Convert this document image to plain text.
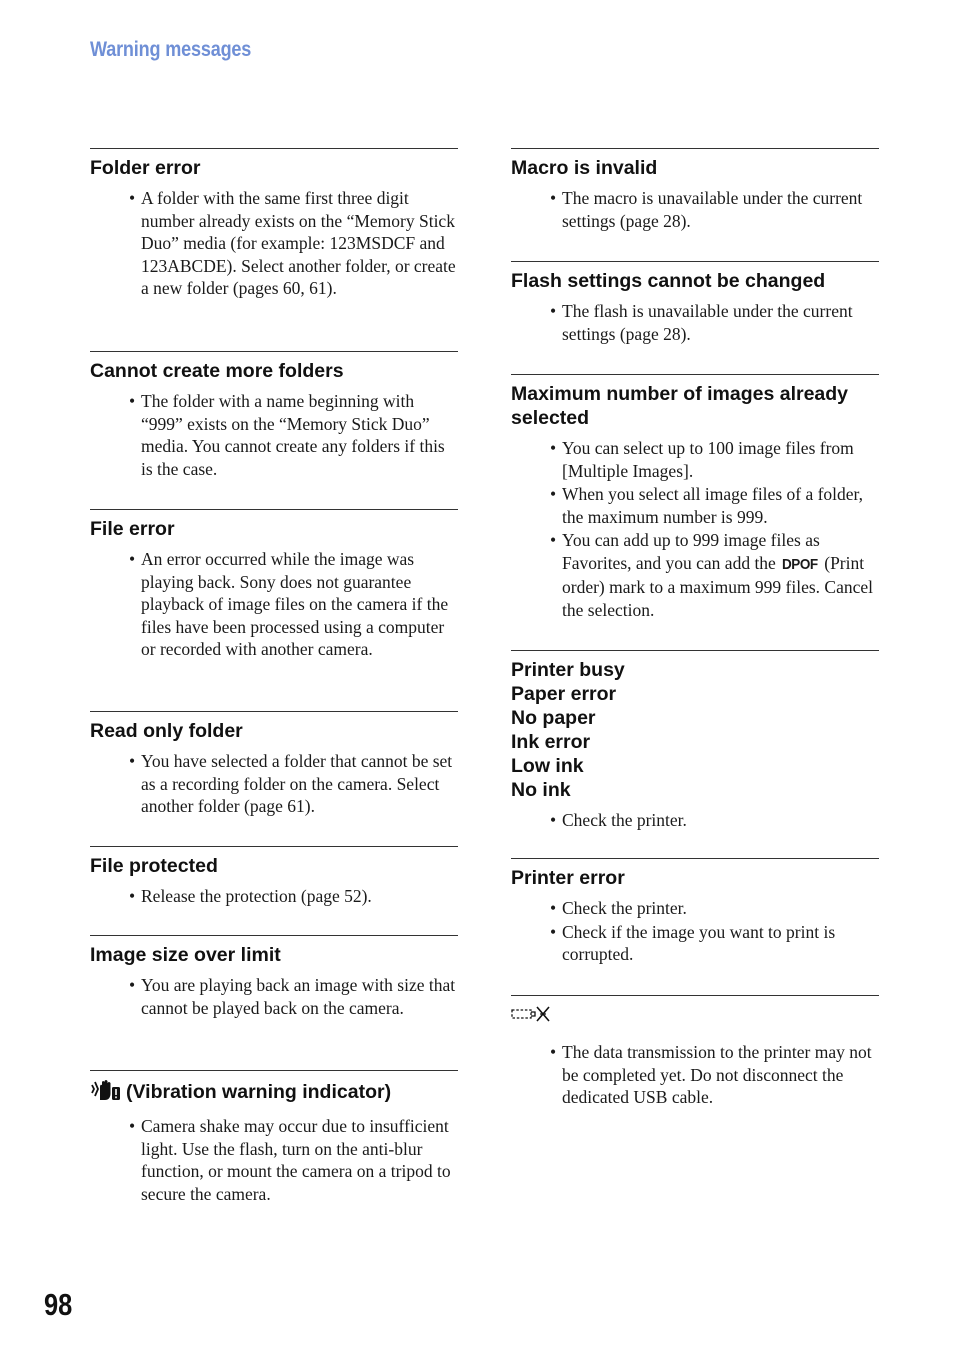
Warning messages
Folder error
• A folder with the same first three digit number already exists on the “Memory Stick Duo” media (for example: 123MSDCF and 123ABCDE). Select another folder, or create a new folder (pages 60, 61).
Cannot create more folders
• The folder with a name beginning with “999” exists on the “Memory Stick Duo” media. You cannot create any folders if this is the case.
File error
• An error occurred while the image was playing back. Sony does not guarantee playback of image files on the camera if the files have been processed using a computer or recorded with another camera.
Read only folder
• You have selected a folder that cannot be set as a recording folder on the camera. Select another folder (page 61).
File protected
• Release the protection (page 52).
Image size over limit
• You are playing back an image with size that cannot be played back on the camera.
(Vibration warning indicator)
• Camera shake may occur due to insufficient light. Use the flash, turn on the anti-blur function, or mount the camera on a tripod to secure the camera.
Macro is invalid
• The macro is unavailable under the current settings (page 28).
Flash settings cannot be changed
• The flash is unavailable under the current settings (page 28).
Maximum number of images already selected
• You can select up to 100 image files from [Multiple Images].
• When you select all image files of a folder, the maximum number is 999.
• You can add up to 999 image files as Favorites, and you can add the DPOF (Print order) mark to a maximum 999 files. Cancel the selection.
Printer busy
Paper error
No paper
Ink error
Low ink
No ink
• Check the printer.
Printer error
• Check the printer.
• Check if the image you want to print is corrupted.
• The data transmission to the printer may not be completed yet. Do not disconnect the dedicated USB cable.
98
